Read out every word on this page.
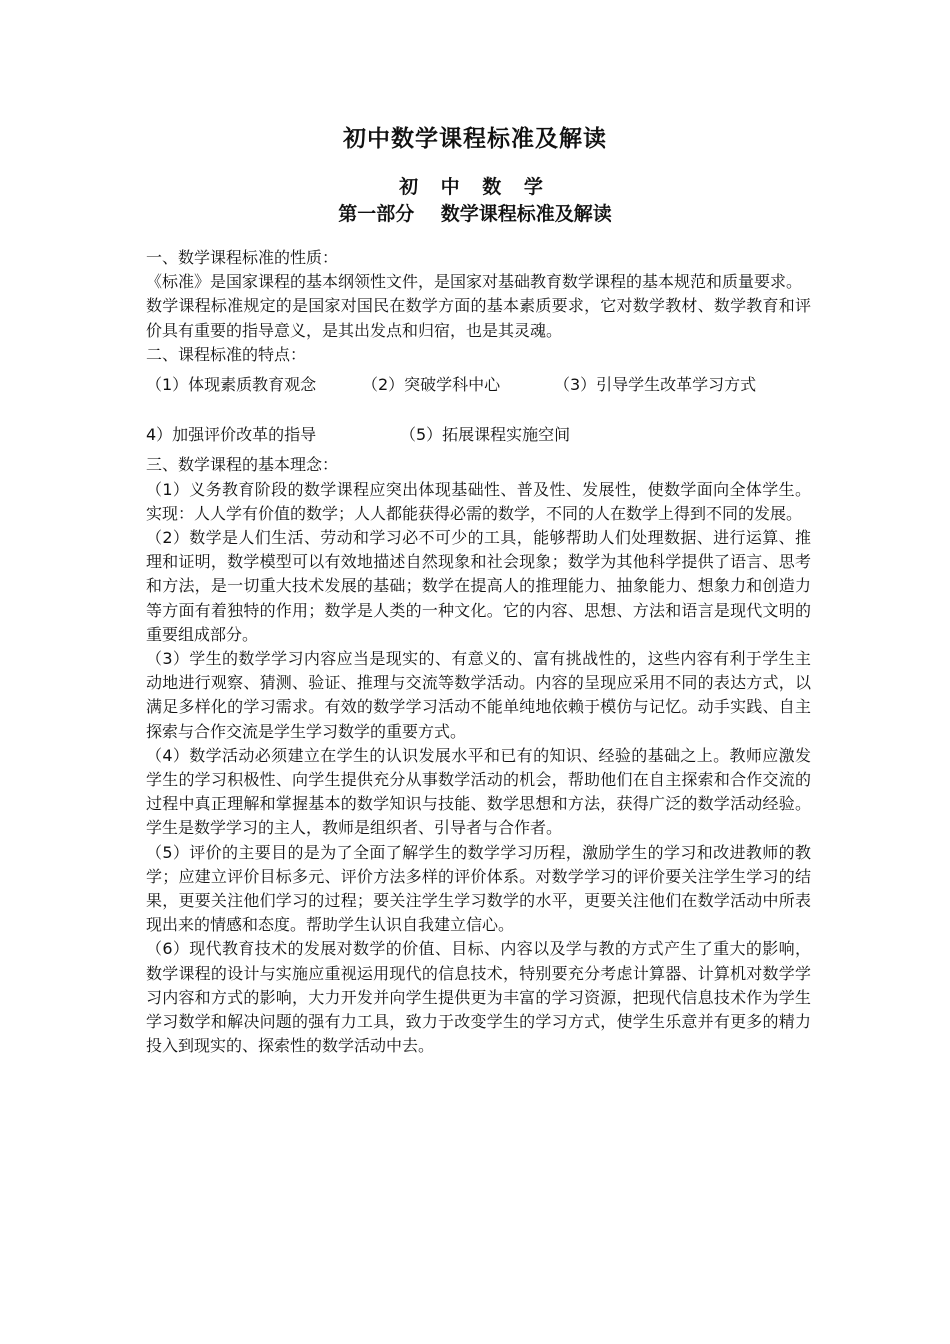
初中数学课程标准及解读
初 中 数 学
第一部分    数学课程标准及解读

一、数学课程标准的性质：

《标准》是国家课程的基本纲领性文件，是国家对基础教育数学课程的基本规范和质量要求。

数学课程标准规定的是国家对国民在数学方面的基本素质要求，它对数学教材、数学教育和评价具有重要的指导意义，是其出发点和归宿，也是其灵魂。

二、课程标准的特点：

（1）体现素质教育观念	（2）突破学科中心	（3）引导学生改革学习方式
4）加强评价改革的指导	（5）拓展课程实施空间

三、数学课程的基本理念：

（1）义务教育阶段的数学课程应突出体现基础性、普及性、发展性，使数学面向全体学生。实现：人人学有价值的数学；人人都能获得必需的数学，不同的人在数学上得到不同的发展。

（2）数学是人们生活、劳动和学习必不可少的工具，能够帮助人们处理数据、进行运算、推理和证明，数学模型可以有效地描述自然现象和社会现象；数学为其他科学提供了语言、思考和方法，是一切重大技术发展的基础；数学在提高人的推理能力、抽象能力、想象力和创造力等方面有着独特的作用；数学是人类的一种文化。它的内容、思想、方法和语言是现代文明的重要组成部分。

（3）学生的数学学习内容应当是现实的、有意义的、富有挑战性的，这些内容有利于学生主动地进行观察、猜测、验证、推理与交流等数学活动。内容的呈现应采用不同的表达方式，以满足多样化的学习需求。有效的数学学习活动不能单纯地依赖于模仿与记忆。动手实践、自主探索与合作交流是学生学习数学的重要方式。

（4）数学活动必须建立在学生的认识发展水平和已有的知识、经验的基础之上。教师应激发学生的学习积极性、向学生提供充分从事数学活动的机会，帮助他们在自主探索和合作交流的过程中真正理解和掌握基本的数学知识与技能、数学思想和方法，获得广泛的数学活动经验。学生是数学学习的主人，教师是组织者、引导者与合作者。

（5）评价的主要目的是为了全面了解学生的数学学习历程，激励学生的学习和改进教师的教学；应建立评价目标多元、评价方法多样的评价体系。对数学学习的评价要关注学生学习的结果，更要关注他们学习的过程；要关注学生学习数学的水平，更要关注他们在数学活动中所表现出来的情感和态度。帮助学生认识自我建立信心。

（6）现代教育技术的发展对数学的价值、目标、内容以及学与教的方式产生了重大的影响，数学课程的设计与实施应重视运用现代的信息技术，特别要充分考虑计算器、计算机对数学学习内容和方式的影响，大力开发并向学生提供更为丰富的学习资源，把现代信息技术作为学生学习数学和解决问题的强有力工具，致力于改变学生的学习方式，使学生乐意并有更多的精力投入到现实的、探索性的数学活动中去。
